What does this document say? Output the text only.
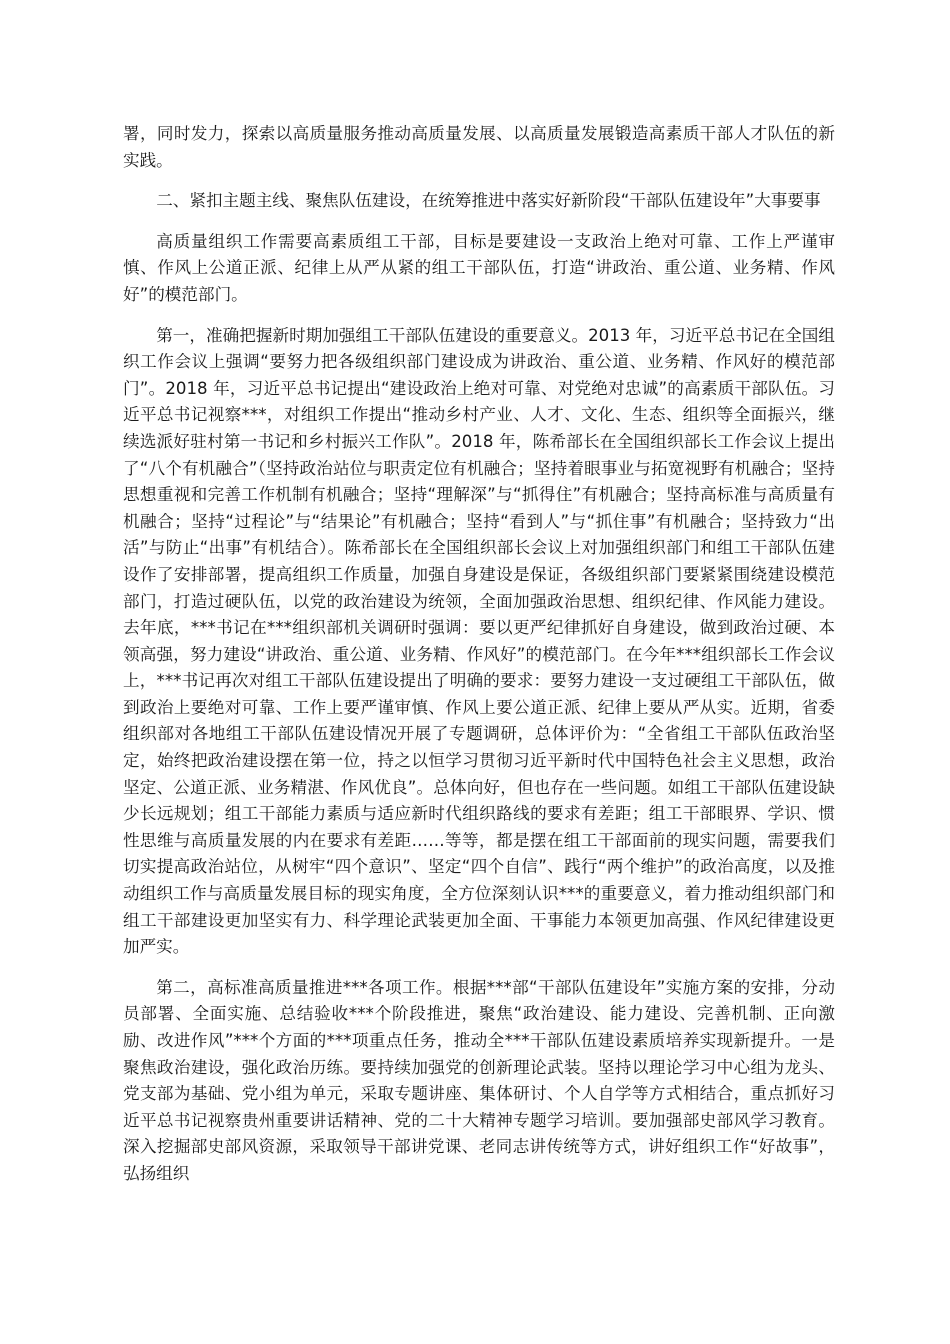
署，同时发力，探索以高质量服务推动高质量发展、以高质量发展锻造高素质干部人才队伍的新实践。

二、紧扣主题主线、聚焦队伍建设，在统筹推进中落实好新阶段“干部队伍建设年”大事要事

高质量组织工作需要高素质组工干部，目标是要建设一支政治上绝对可靠、工作上严谨审慎、作风上公道正派、纪律上从严从紧的组工干部队伍，打造“讲政治、重公道、业务精、作风好”的模范部门。

第一，准确把握新时期加强组工干部队伍建设的重要意义。2013 年，习近平总书记在全国组织工作会议上强调“要努力把各级组织部门建设成为讲政治、重公道、业务精、作风好的模范部门”。2018 年，习近平总书记提出“建设政治上绝对可靠、对党绝对忠诚”的高素质干部队伍。习近平总书记视察***，对组织工作提出“推动乡村产业、人才、文化、生态、组织等全面振兴，继续选派好驻村第一书记和乡村振兴工作队”。2018 年，陈希部长在全国组织部长工作会议上提出了“八个有机融合”（坚持政治站位与职责定位有机融合；坚持着眼事业与拓宽视野有机融合；坚持思想重视和完善工作机制有机融合；坚持“理解深”与“抓得住”有机融合；坚持高标准与高质量有机融合；坚持“过程论”与“结果论”有机融合；坚持“看到人”与“抓住事”有机融合；坚持致力“出活”与防止“出事”有机结合）。陈希部长在全国组织部长会议上对加强组织部门和组工干部队伍建设作了安排部署，提高组织工作质量，加强自身建设是保证，各级组织部门要紧紧围绕建设模范部门，打造过硬队伍，以党的政治建设为统领，全面加强政治思想、组织纪律、作风能力建设。去年底，***书记在***组织部机关调研时强调：要以更严纪律抓好自身建设，做到政治过硬、本领高强，努力建设“讲政治、重公道、业务精、作风好”的模范部门。在今年***组织部长工作会议上，***书记再次对组工干部队伍建设提出了明确的要求：要努力建设一支过硬组工干部队伍，做到政治上要绝对可靠、工作上要严谨审慎、作风上要公道正派、纪律上要从严从实。近期，省委组织部对各地组工干部队伍建设情况开展了专题调研，总体评价为：“全省组工干部队伍政治坚定，始终把政治建设摆在第一位，持之以恒学习贯彻习近平新时代中国特色社会主义思想，政治坚定、公道正派、业务精湛、作风优良”。总体向好，但也存在一些问题。如组工干部队伍建设缺少长远规划；组工干部能力素质与适应新时代组织路线的要求有差距；组工干部眼界、学识、惯性思维与高质量发展的内在要求有差距……等等，都是摆在组工干部面前的现实问题，需要我们切实提高政治站位，从树牢“四个意识”、坚定“四个自信”、践行“两个维护”的政治高度，以及推动组织工作与高质量发展目标的现实角度，全方位深刻认识***的重要意义，着力推动组织部门和组工干部建设更加坚实有力、科学理论武装更加全面、干事能力本领更加高强、作风纪律建设更加严实。

第二，高标准高质量推进***各项工作。根据***部“干部队伍建设年”实施方案的安排，分动员部署、全面实施、总结验收***个阶段推进，聚焦“政治建设、能力建设、完善机制、正向激励、改进作风”***个方面的***项重点任务，推动全***干部队伍建设素质培养实现新提升。一是聚焦政治建设，强化政治历练。要持续加强党的创新理论武装。坚持以理论学习中心组为龙头、党支部为基础、党小组为单元，采取专题讲座、集体研讨、个人自学等方式相结合，重点抓好习近平总书记视察贵州重要讲话精神、党的二十大精神专题学习培训。要加强部史部风学习教育。深入挖掘部史部风资源，采取领导干部讲党课、老同志讲传统等方式，讲好组织工作“好故事”，弘扬组织
